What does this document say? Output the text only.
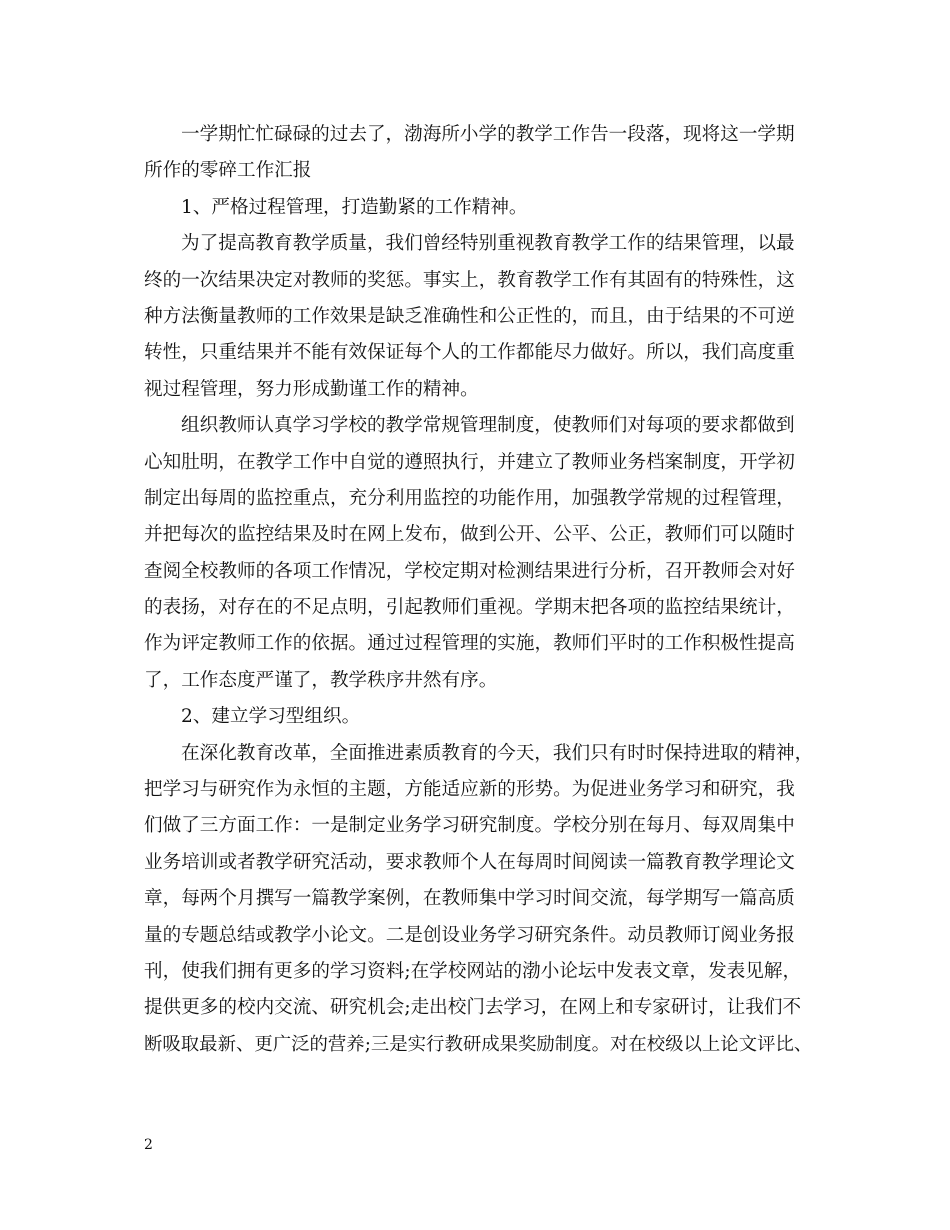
一学期忙忙碌碌的过去了，渤海所小学的教学工作告一段落，现将这一学期
所作的零碎工作汇报
1、严格过程管理，打造勤紧的工作精神。
为了提高教育教学质量，我们曾经特别重视教育教学工作的结果管理，以最
终的一次结果决定对教师的奖惩。事实上，教育教学工作有其固有的特殊性，这
种方法衡量教师的工作效果是缺乏准确性和公正性的，而且，由于结果的不可逆
转性，只重结果并不能有效保证每个人的工作都能尽力做好。所以，我们高度重
视过程管理，努力形成勤谨工作的精神。
组织教师认真学习学校的教学常规管理制度，使教师们对每项的要求都做到
心知肚明，在教学工作中自觉的遵照执行，并建立了教师业务档案制度，开学初
制定出每周的监控重点，充分利用监控的功能作用，加强教学常规的过程管理，
并把每次的监控结果及时在网上发布，做到公开、公平、公正，教师们可以随时
查阅全校教师的各项工作情况，学校定期对检测结果进行分析，召开教师会对好
的表扬，对存在的不足点明，引起教师们重视。学期末把各项的监控结果统计，
作为评定教师工作的依据。通过过程管理的实施，教师们平时的工作积极性提高
了，工作态度严谨了，教学秩序井然有序。
2、建立学习型组织。
在深化教育改革，全面推进素质教育的今天，我们只有时时保持进取的精神，
把学习与研究作为永恒的主题，方能适应新的形势。为促进业务学习和研究，我
们做了三方面工作：一是制定业务学习研究制度。学校分别在每月、每双周集中
业务培训或者教学研究活动，要求教师个人在每周时间阅读一篇教育教学理论文
章，每两个月撰写一篇教学案例，在教师集中学习时间交流，每学期写一篇高质
量的专题总结或教学小论文。二是创设业务学习研究条件。动员教师订阅业务报
刊，使我们拥有更多的学习资料;在学校网站的渤小论坛中发表文章，发表见解，
提供更多的校内交流、研究机会;走出校门去学习，在网上和专家研讨，让我们不
断吸取最新、更广泛的营养;三是实行教研成果奖励制度。对在校级以上论文评比、
2
